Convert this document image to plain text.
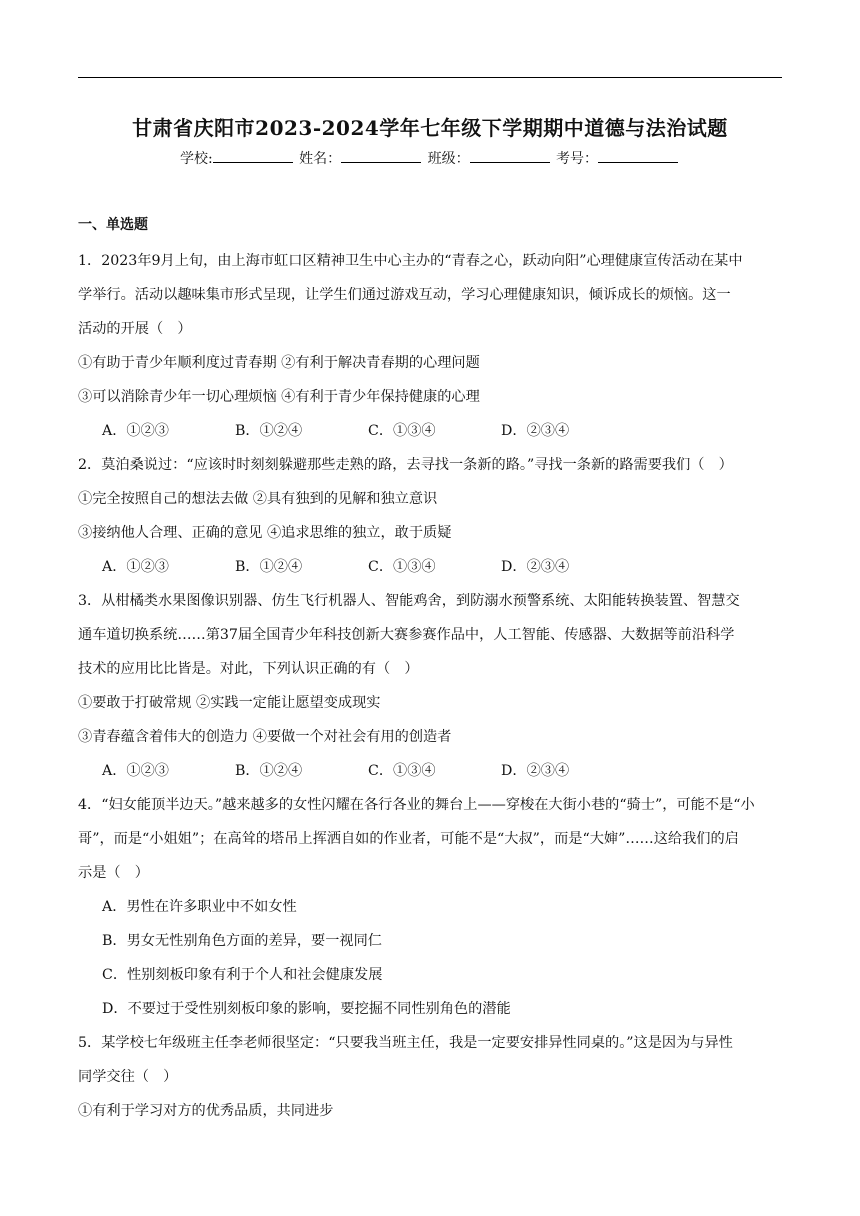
甘肃省庆阳市2023-2024学年七年级下学期期中道德与法治试题
学校:	姓名：	班级：	考号：
一、单选题
1．2023年9月上旬，由上海市虹口区精神卫生中心主办的“青春之心，跃动向阳”心理健康宣传活动在某中
学举行。活动以趣味集市形式呈现，让学生们通过游戏互动，学习心理健康知识，倾诉成长的烦恼。这一
活动的开展（　）
①有助于青少年顺利度过青春期 ②有利于解决青春期的心理问题
③可以消除青少年一切心理烦恼 ④有利于青少年保持健康的心理
A．①②③	B．①②④	C．①③④	D．②③④
2．莫泊桑说过：“应该时时刻刻躲避那些走熟的路，去寻找一条新的路。”寻找一条新的路需要我们（　）
①完全按照自己的想法去做 ②具有独到的见解和独立意识
③接纳他人合理、正确的意见 ④追求思维的独立，敢于质疑
A．①②③	B．①②④	C．①③④	D．②③④
3．从柑橘类水果图像识别器、仿生飞行机器人、智能鸡舍，到防溺水预警系统、太阳能转换装置、智慧交
通车道切换系统……第37届全国青少年科技创新大赛参赛作品中，人工智能、传感器、大数据等前沿科学
技术的应用比比皆是。对此，下列认识正确的有（　）
①要敢于打破常规 ②实践一定能让愿望变成现实
③青春蕴含着伟大的创造力 ④要做一个对社会有用的创造者
A．①②③	B．①②④	C．①③④	D．②③④
4．“妇女能顶半边天。”越来越多的女性闪耀在各行各业的舞台上——穿梭在大街小巷的“骑士”，可能不是“小
哥”，而是“小姐姐”；在高耸的塔吊上挥洒自如的作业者，可能不是“大叔”，而是“大婶”……这给我们的启
示是（　）
A．男性在许多职业中不如女性
B．男女无性别角色方面的差异，要一视同仁
C．性别刻板印象有利于个人和社会健康发展
D．不要过于受性别刻板印象的影响，要挖掘不同性别角色的潜能
5．某学校七年级班主任李老师很坚定：“只要我当班主任，我是一定要安排异性同桌的。”这是因为与异性
同学交往（　）
①有利于学习对方的优秀品质，共同进步
